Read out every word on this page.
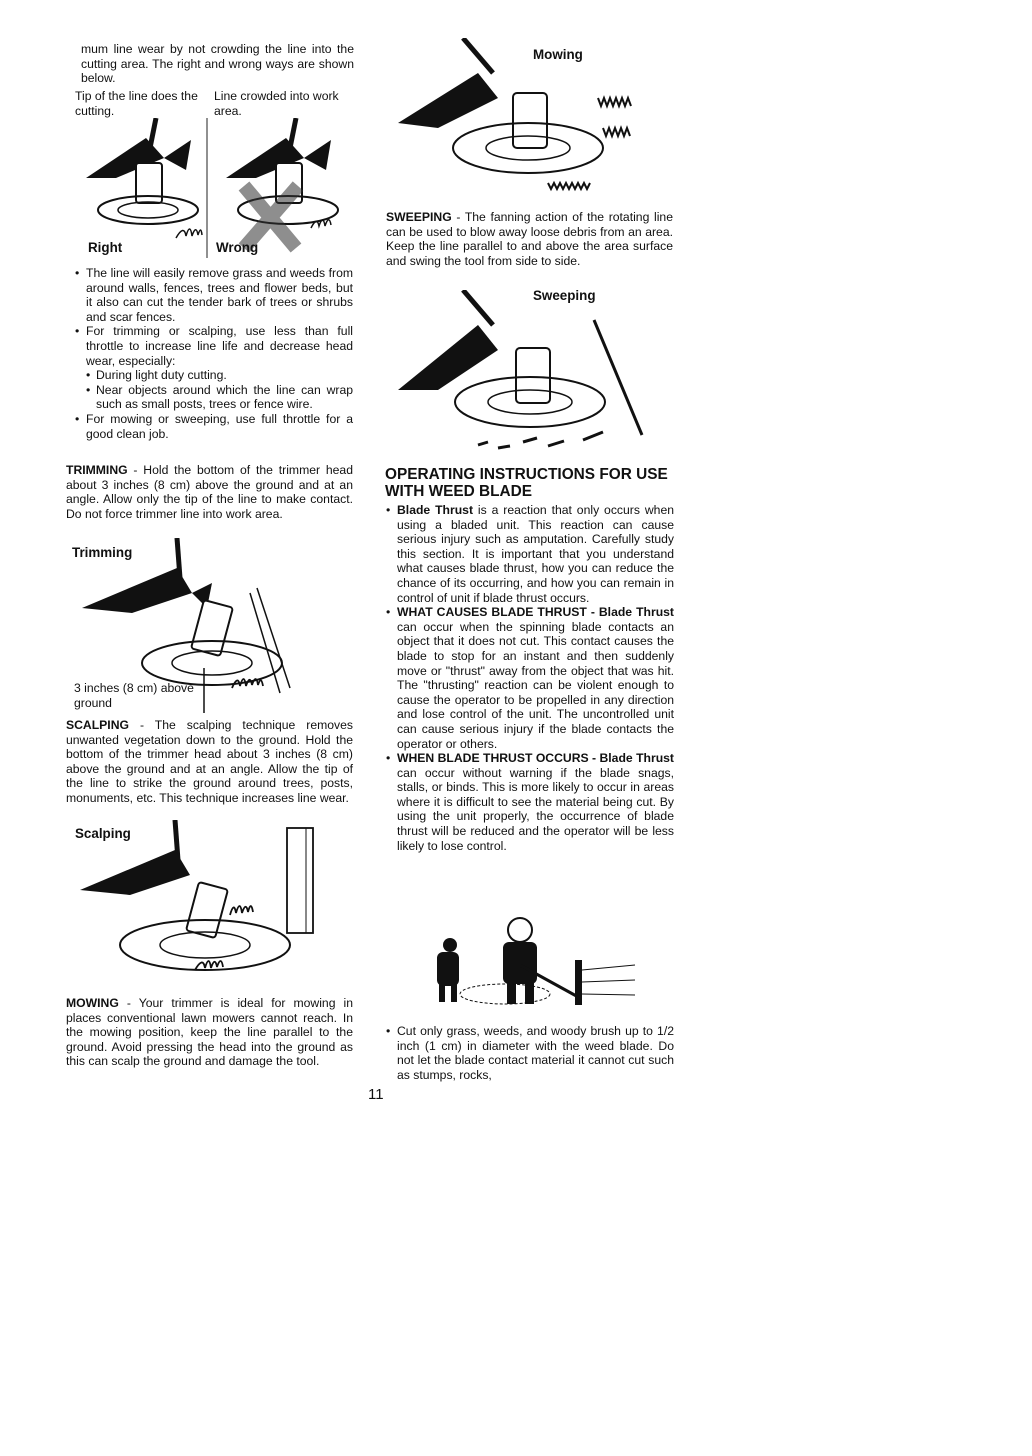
mum line wear by not crowding the line into the cutting area. The right and wrong ways are shown below.

Tip of the line does the cutting.
Line crowded into work area.
Right	Wrong
• The line will easily remove grass and weeds from around walls, fences, trees and flower beds, but it also can cut the tender bark of trees or shrubs and scar fences.
• For trimming or scalping, use less than full throttle to increase line life and decrease head wear, especially:
• During light duty cutting.
• Near objects around which the line can wrap such as small posts, trees or fence wire.
• For mowing or sweeping, use full throttle for a good clean job.

TRIMMING - Hold the bottom of the trimmer head about 3 inches (8 cm) above the ground and at an angle. Allow only the tip of the line to make contact. Do not force trimmer line into work area.

Trimming
3 inches (8 cm) above ground

SCALPING - The scalping technique removes unwanted vegetation down to the ground. Hold the bottom of the trimmer head about 3 inches (8 cm) above the ground and at an angle. Allow the tip of the line to strike the ground around trees, posts, monuments, etc. This technique increases line wear.

Scalping

MOWING - Your trimmer is ideal for mowing in places conventional lawn mowers cannot reach. In the mowing position, keep the line parallel to the ground. Avoid pressing the head into the ground as this can scalp the ground and damage the tool.

Mowing

SWEEPING - The fanning action of the rotating line can be used to blow away loose debris from an area. Keep the line parallel to and above the area surface and swing the tool from side to side.

Sweeping
OPERATING INSTRUCTIONS FOR USE WITH WEED BLADE
• Blade Thrust is a reaction that only occurs when using a bladed unit. This reaction can cause serious injury such as amputation. Carefully study this section. It is important that you understand what causes blade thrust, how you can reduce the chance of its occurring, and how you can remain in control of unit if blade thrust occurs.
• WHAT CAUSES BLADE THRUST - Blade Thrust can occur when the spinning blade contacts an object that it does not cut. This contact causes the blade to stop for an instant and then suddenly move or "thrust" away from the object that was hit. The "thrusting" reaction can be violent enough to cause the operator to be propelled in any direction and lose control of the unit. The uncontrolled unit can cause serious injury if the blade contacts the operator or others.
• WHEN BLADE THRUST OCCURS - Blade Thrust can occur without warning if the blade snags, stalls, or binds. This is more likely to occur in areas where it is difficult to see the material being cut. By using the unit properly, the occurrence of blade thrust will be reduced and the operator will be less likely to lose control.
• Cut only grass, weeds, and woody brush up to 1/2 inch (1 cm) in diameter with the weed blade. Do not let the blade contact material it cannot cut such as stumps, rocks,
11
